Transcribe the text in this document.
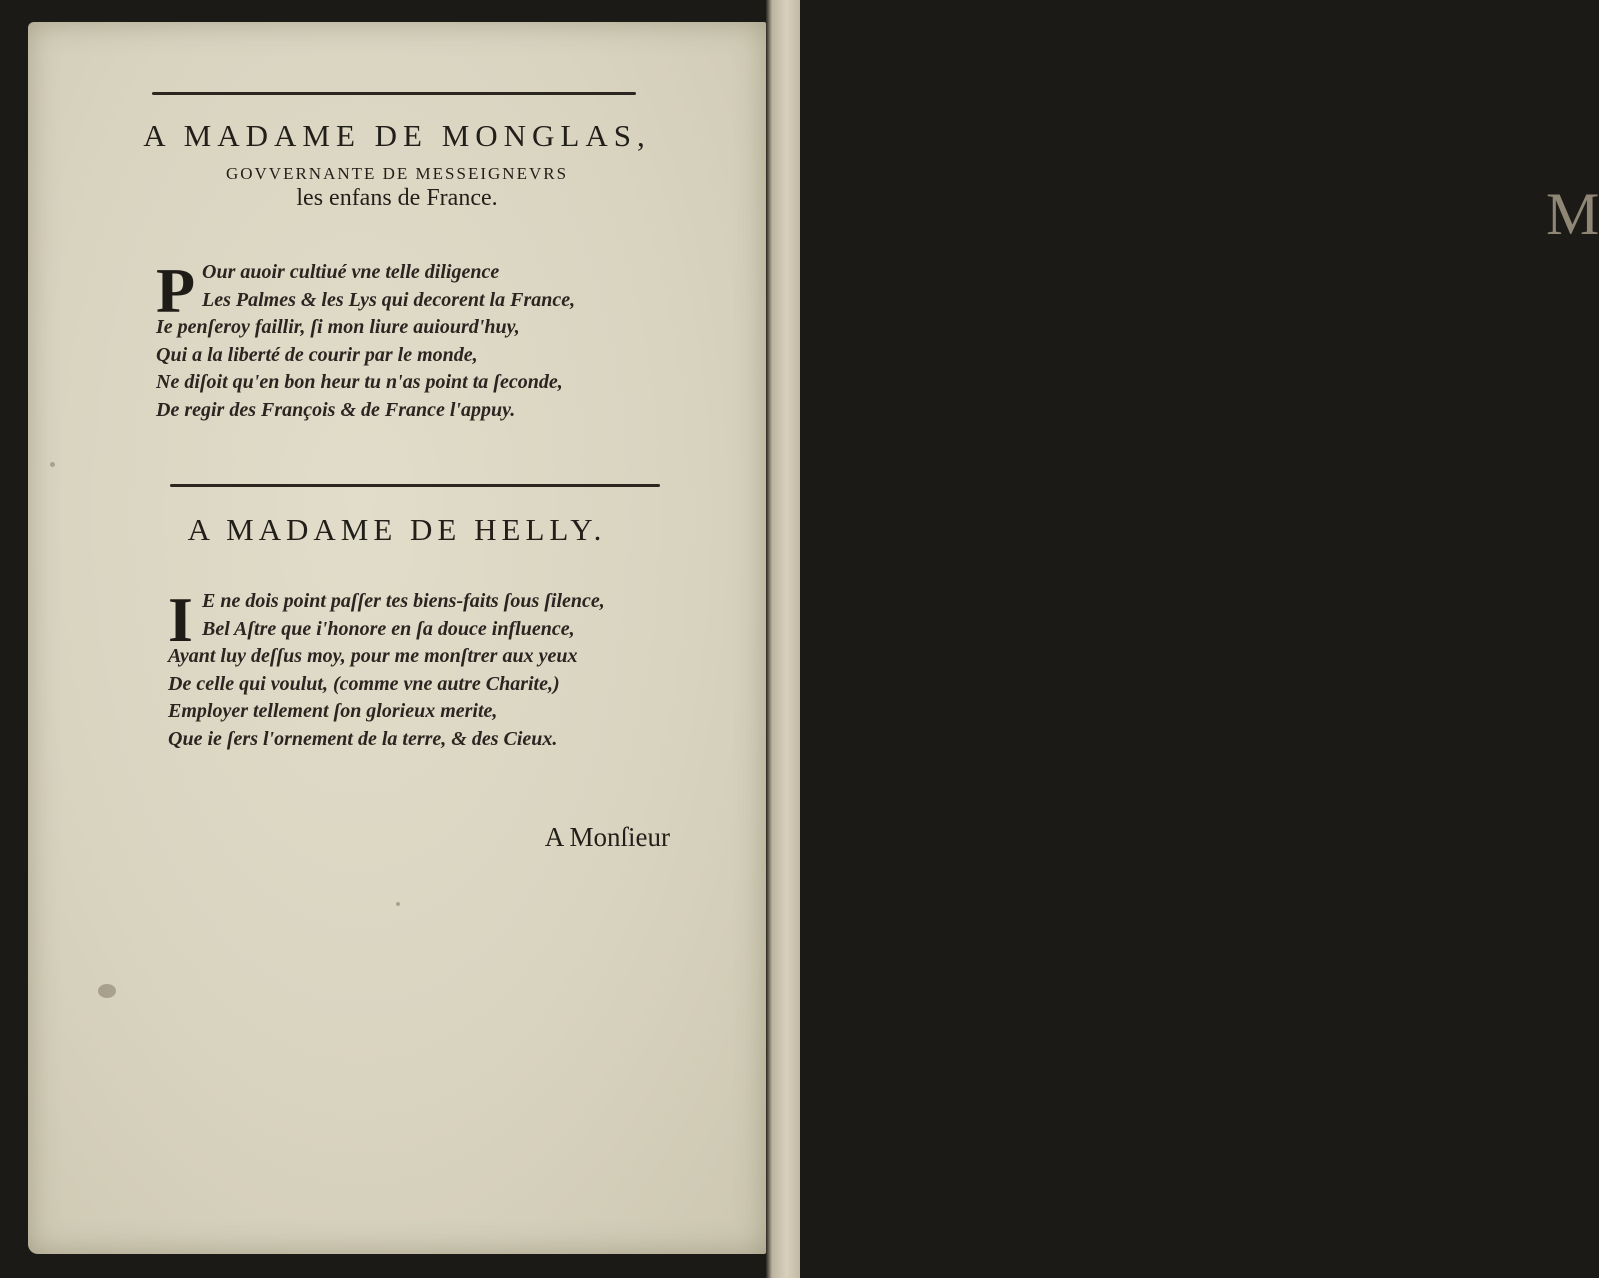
M
A MADAME DE MONGLAS,
GOVVERNANTE DE MESSEIGNEVRS
les enfans de France.
P Our auoir cultiué vne telle diligence
Les Palmes & les Lys qui decorent la France,
Ie penſeroy faillir, ſi mon liure auiourd'huy,
Qui a la liberté de courir par le monde,
Ne diſoit qu'en bon heur tu n'as point ta ſeconde,
De regir des François & de France l'appuy.
A MADAME DE HELLY.
I E ne dois point paſſer tes biens-faits ſous ſilence,
Bel Aſtre que i'honore en ſa douce influence,
Ayant luy deſſus moy, pour me monſtrer aux yeux
De celle qui voulut, (comme vne autre Charite,)
Employer tellement ſon glorieux merite,
Que ie ſers l'ornement de la terre, & des Cieux.
A Monſieur
